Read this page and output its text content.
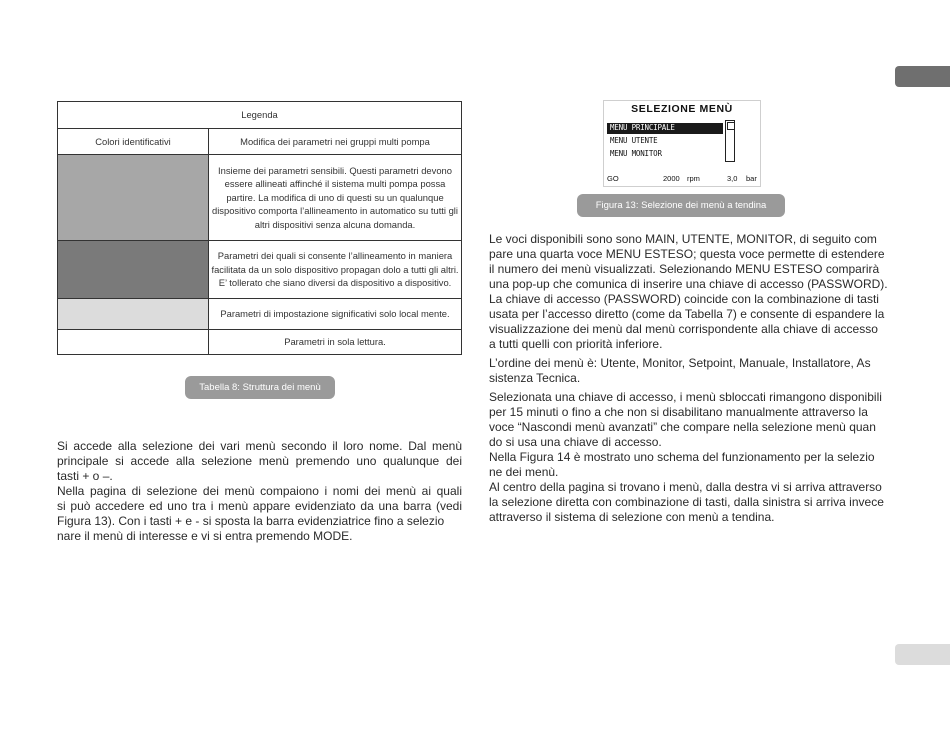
Legenda	
Colori identificativi	Modifica dei parametri nei gruppi multi pompa
	Insieme dei parametri sensibili. Questi parametri devono essere allineati affinché il sistema multi pompa possa partire. La modifica di uno di questi su un qualunque dispositivo comporta l’allineamento in automatico su tutti gli altri dispositivi senza alcuna domanda.
	Parametri dei quali si consente l’allineamento in maniera facilitata da un solo dispositivo propagan dolo a tutti gli altri. E’ tollerato che siano diversi da dispositivo a dispositivo.
	Parametri di impostazione significativi solo local mente.
	Parametri in sola lettura.
Tabella 8: Struttura dei menù
Si accede alla selezione dei vari menù secondo il loro nome. Dal menù
principale si accede alla selezione menù premendo uno qualunque dei
tasti + o –.
Nella pagina di selezione dei menù compaiono i nomi dei menù ai quali
si può accedere ed uno tra i menù appare evidenziato da una barra (vedi
Figura 13). Con i tasti + e - si sposta la barra evidenziatrice fino a selezio
nare il menù di interesse e vi si entra premendo MODE.
SELEZIONE MENÙ
MENU PRINCIPALE
MENU UTENTE
MENU MONITOR
GO	2000 rpm	3,0 bar
Figura 13: Selezione dei menù a tendina
Le voci disponibili sono sono MAIN, UTENTE, MONITOR, di seguito com
pare una quarta voce MENU ESTESO; questa voce permette di estendere
il numero dei menù visualizzati. Selezionando MENU ESTESO comparirà
una pop-up che comunica di inserire una chiave di accesso (PASSWORD).
La chiave di accesso (PASSWORD) coincide con la combinazione di tasti
usata per l’accesso diretto (come da Tabella 7) e consente di espandere la
visualizzazione dei menù dal menù corrispondente alla chiave di accesso
a tutti quelli con priorità inferiore.
L’ordine dei menù è: Utente, Monitor, Setpoint, Manuale, Installatore, As
sistenza Tecnica.
Selezionata una chiave di accesso, i menù sbloccati rimangono disponibili
per 15 minuti o fino a che non si disabilitano manualmente attraverso la
voce “Nascondi menù avanzati” che compare nella selezione menù quan
do si usa una chiave di accesso.
Nella Figura 14 è mostrato uno schema del funzionamento per la selezio
ne dei menù.
Al centro della pagina si trovano i menù, dalla destra vi si arriva attraverso
la selezione diretta con combinazione di tasti, dalla sinistra si arriva invece
attraverso il sistema di selezione con menù a tendina.
